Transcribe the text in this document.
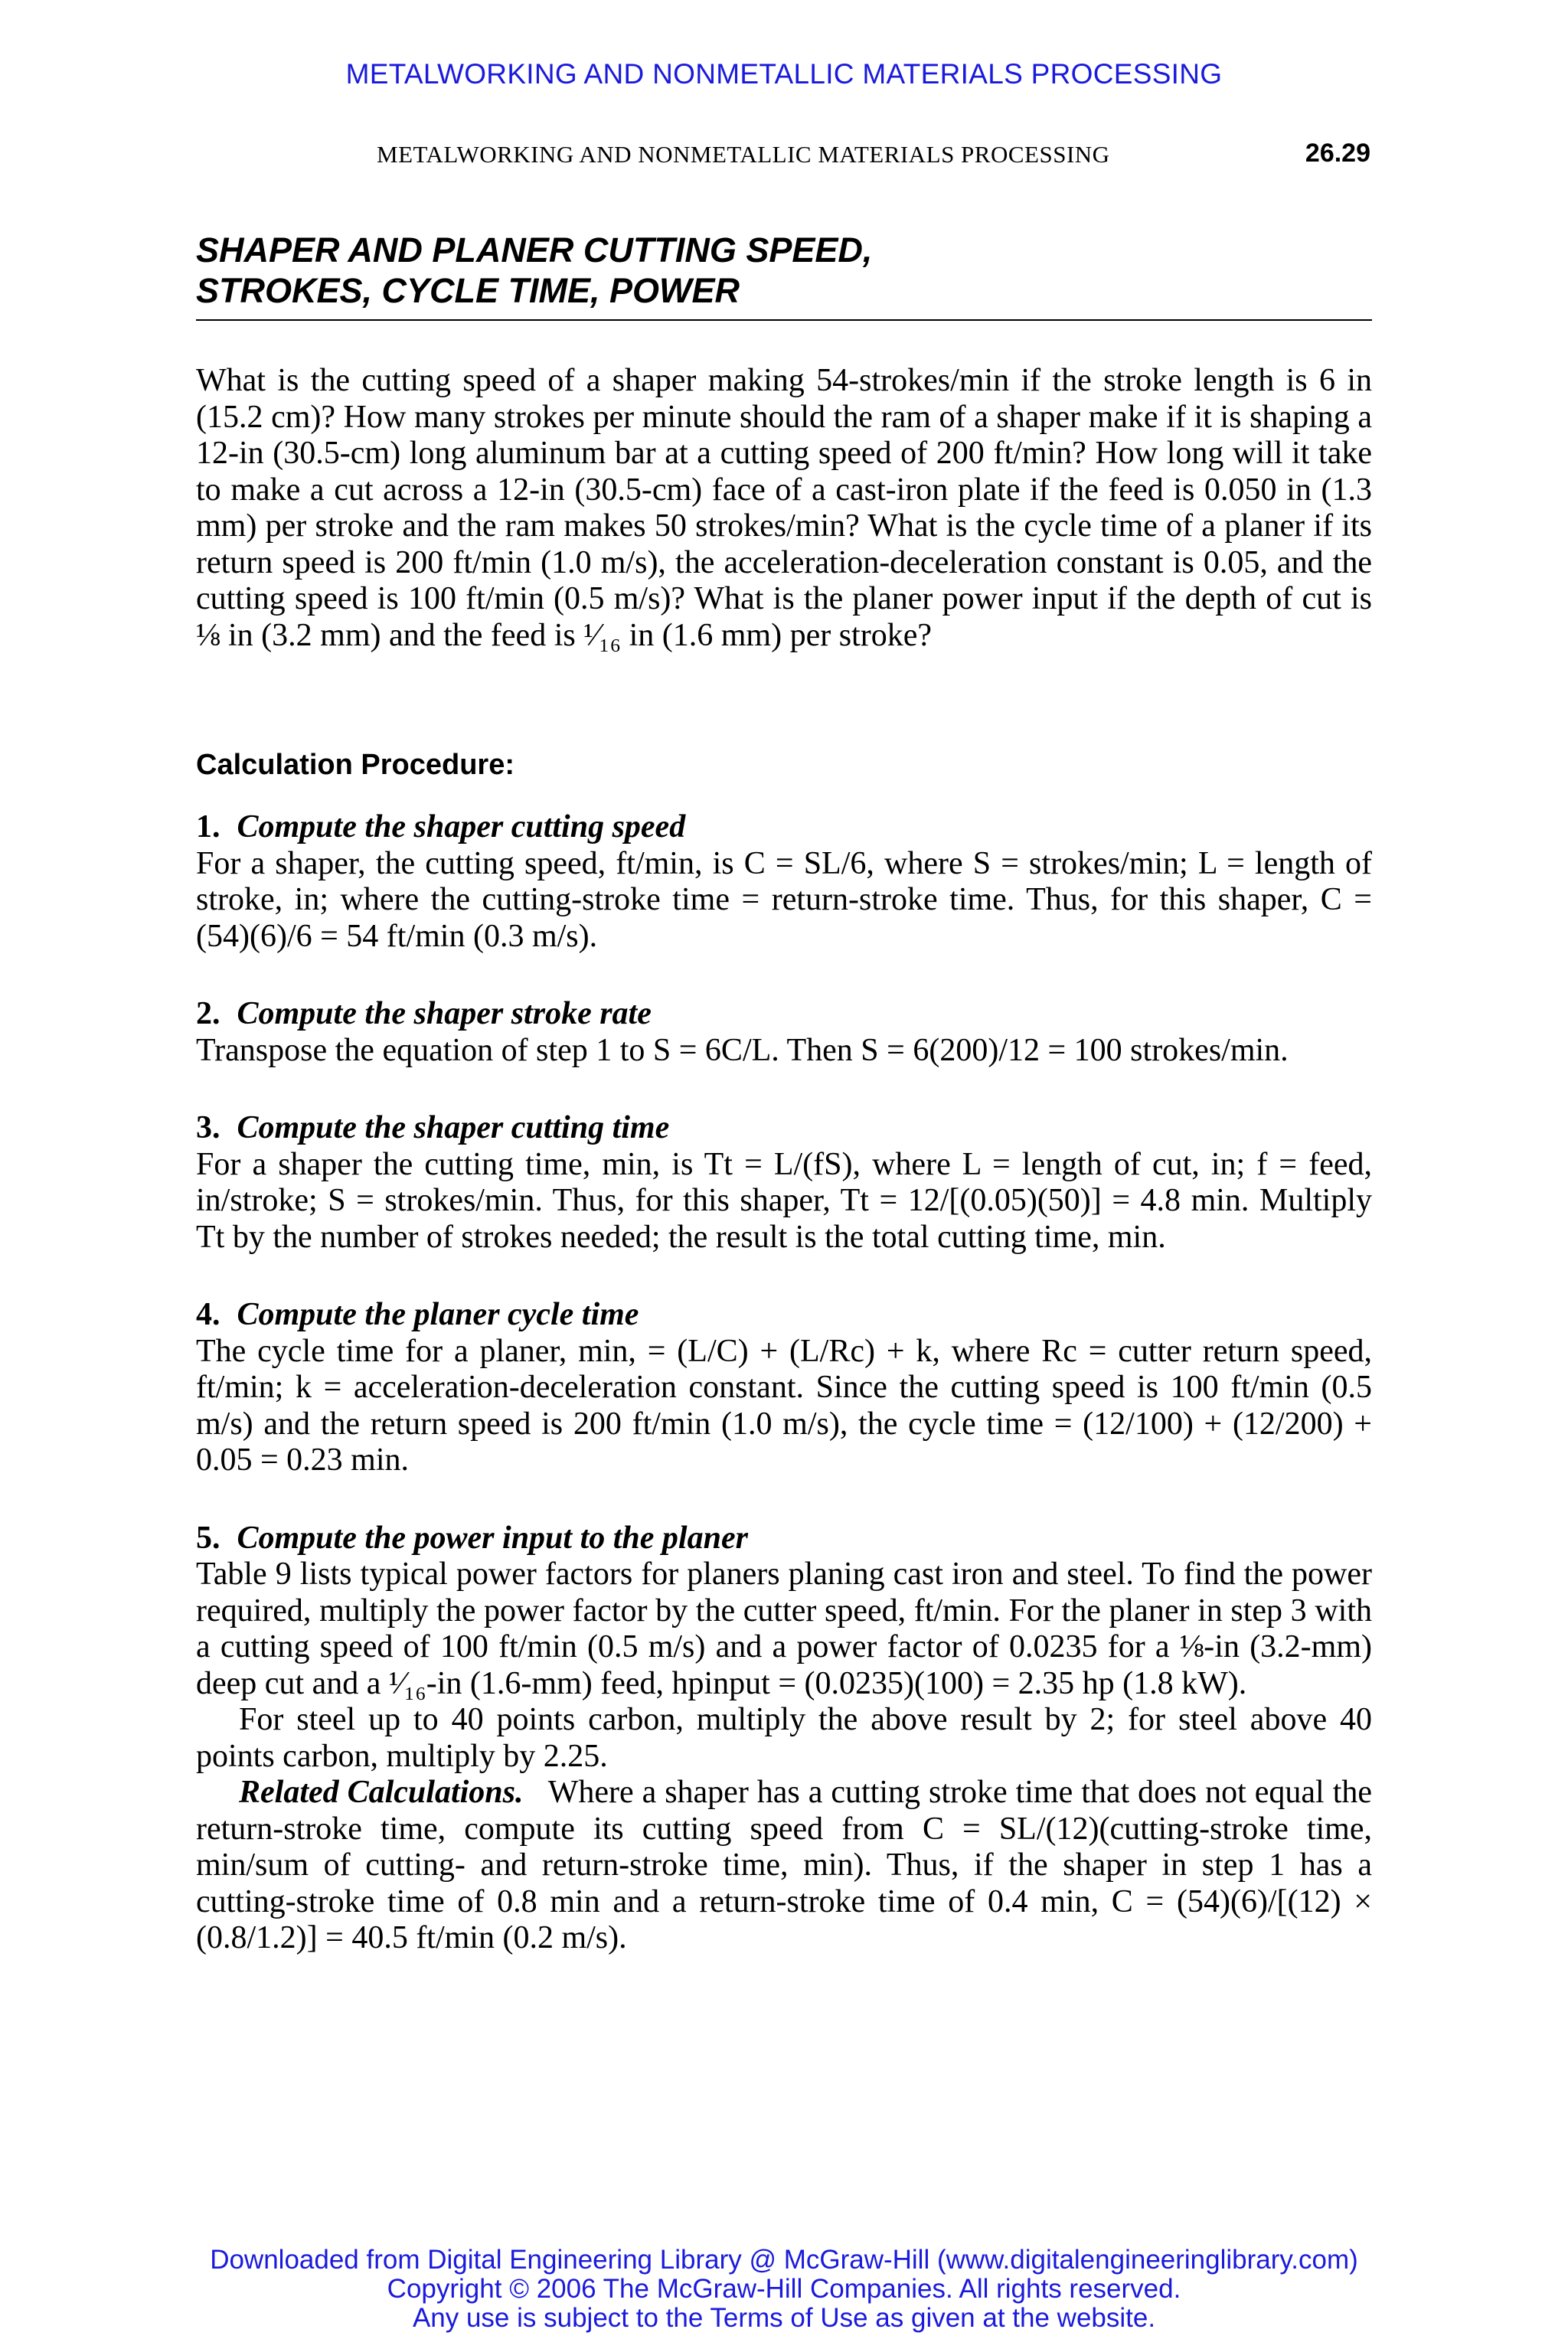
METALWORKING AND NONMETALLIC MATERIALS PROCESSING
METALWORKING AND NONMETALLIC MATERIALS PROCESSING	26.29
SHAPER AND PLANER CUTTING SPEED,
STROKES, CYCLE TIME, POWER

What is the cutting speed of a shaper making 54-strokes/min if the stroke length is 6 in (15.2 cm)? How many strokes per minute should the ram of a shaper make if it is shaping a 12-in (30.5-cm) long aluminum bar at a cutting speed of 200 ft/min? How long will it take to make a cut across a 12-in (30.5-cm) face of a cast-iron plate if the feed is 0.050 in (1.3 mm) per stroke and the ram makes 50 strokes/min? What is the cycle time of a planer if its return speed is 200 ft/min (1.0 m/s), the acceleration-deceleration constant is 0.05, and the cutting speed is 100 ft/min (0.5 m/s)? What is the planer power input if the depth of cut is ⅛ in (3.2 mm) and the feed is ¹⁄₁₆ in (1.6 mm) per stroke?

Calculation Procedure:
1. Compute the shaper cutting speed

For a shaper, the cutting speed, ft/min, is C = SL/6, where S = strokes/min; L = length of stroke, in; where the cutting-stroke time = return-stroke time. Thus, for this shaper, C = (54)(6)/6 = 54 ft/min (0.3 m/s).

2. Compute the shaper stroke rate

Transpose the equation of step 1 to S = 6C/L. Then S = 6(200)/12 = 100 strokes/min.

3. Compute the shaper cutting time

For a shaper the cutting time, min, is Tt = L/(fS), where L = length of cut, in; f = feed, in/stroke; S = strokes/min. Thus, for this shaper, Tt = 12/[(0.05)(50)] = 4.8 min. Multiply Tt by the number of strokes needed; the result is the total cutting time, min.

4. Compute the planer cycle time

The cycle time for a planer, min, = (L/C) + (L/Rc) + k, where Rc = cutter return speed, ft/min; k = acceleration-deceleration constant. Since the cutting speed is 100 ft/min (0.5 m/s) and the return speed is 200 ft/min (1.0 m/s), the cycle time = (12/100) + (12/200) + 0.05 = 0.23 min.

5. Compute the power input to the planer

Table 9 lists typical power factors for planers planing cast iron and steel. To find the power required, multiply the power factor by the cutter speed, ft/min. For the planer in step 3 with a cutting speed of 100 ft/min (0.5 m/s) and a power factor of 0.0235 for a ⅛-in (3.2-mm) deep cut and a ¹⁄₁₆-in (1.6-mm) feed, hpinput = (0.0235)(100) = 2.35 hp (1.8 kW).

For steel up to 40 points carbon, multiply the above result by 2; for steel above 40 points carbon, multiply by 2.25.

Related Calculations. Where a shaper has a cutting stroke time that does not equal the return-stroke time, compute its cutting speed from C = SL/(12)(cutting-stroke time, min/sum of cutting- and return-stroke time, min). Thus, if the shaper in step 1 has a cutting-stroke time of 0.8 min and a return-stroke time of 0.4 min, C = (54)(6)/[(12) × (0.8/1.2)] = 40.5 ft/min (0.2 m/s).

Downloaded from Digital Engineering Library @ McGraw-Hill (www.digitalengineeringlibrary.com)
Copyright © 2006 The McGraw-Hill Companies. All rights reserved.
Any use is subject to the Terms of Use as given at the website.
